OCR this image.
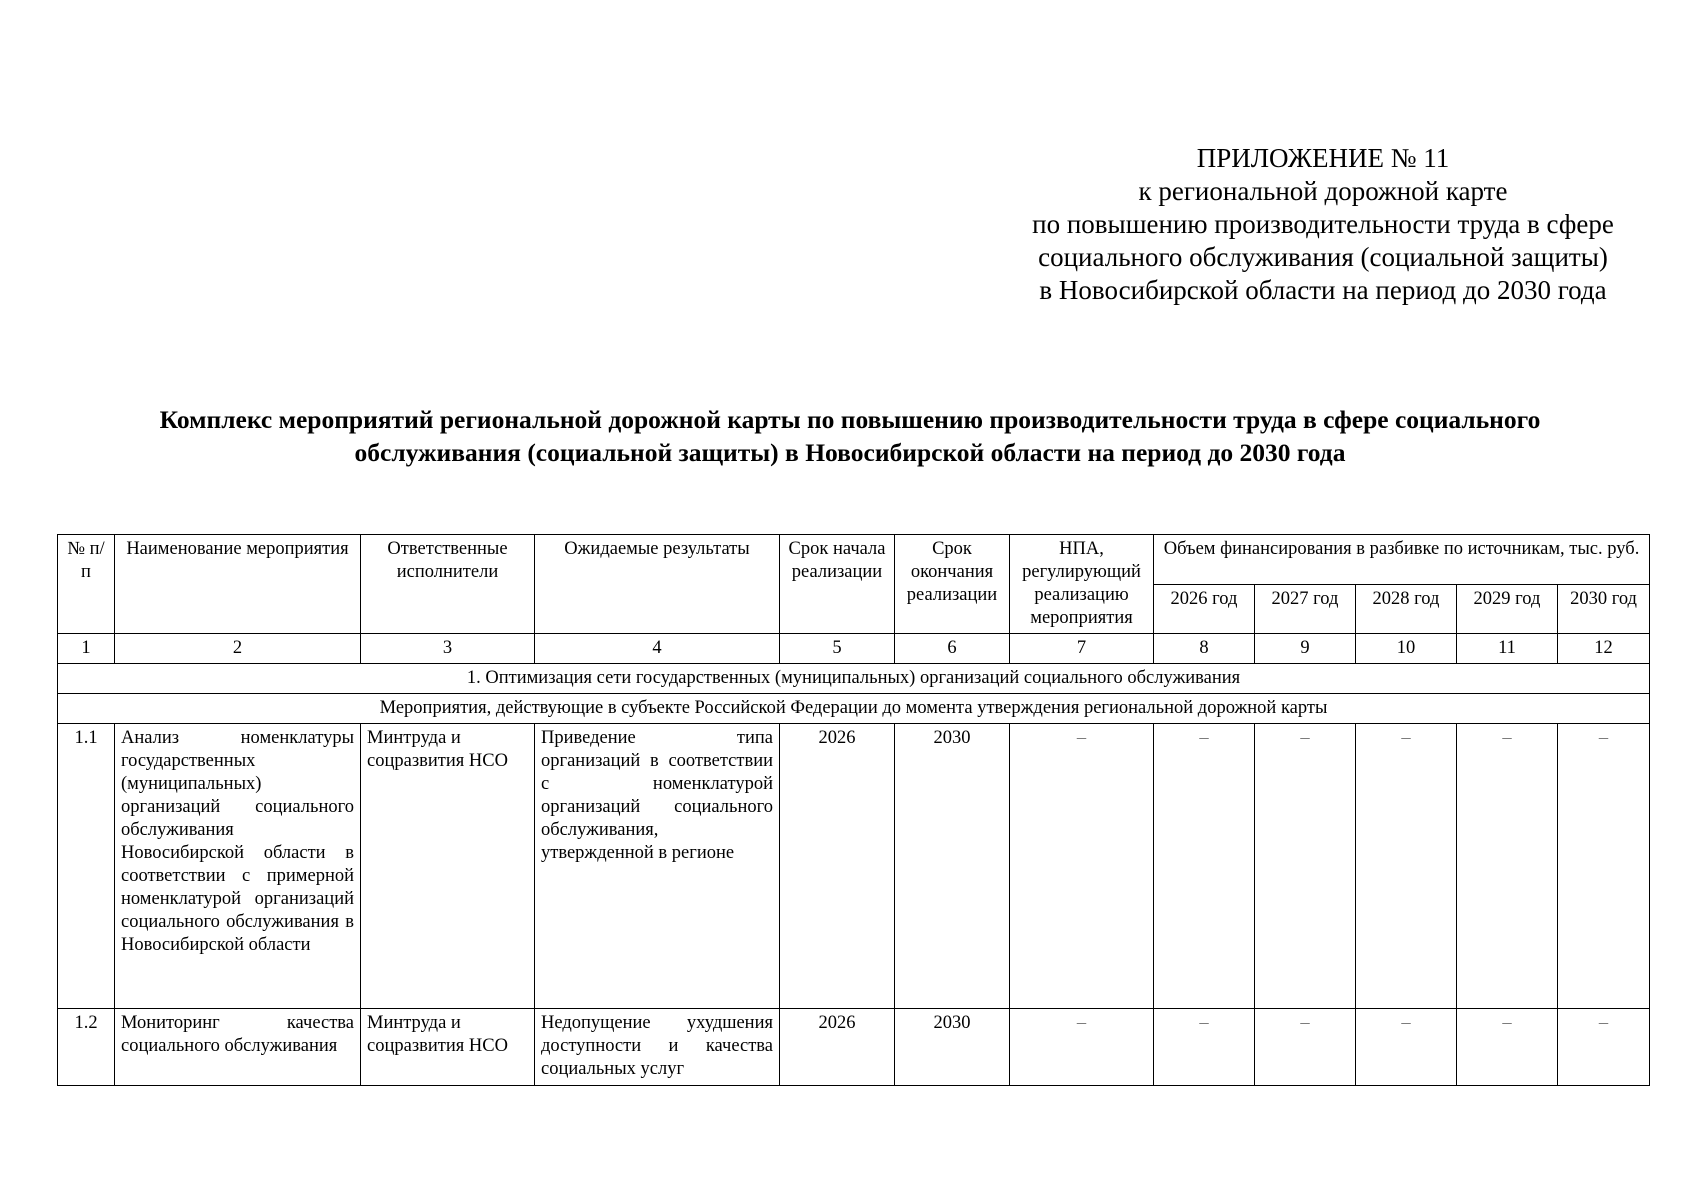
ПРИЛОЖЕНИЕ № 11
к региональной дорожной карте
по повышению производительности труда в сфере
социального обслуживания (социальной защиты)
в Новосибирской области на период до 2030 года
Комплекс мероприятий региональной дорожной карты по повышению производительности труда в сфере социального
обслуживания (социальной защиты) в Новосибирской области на период до 2030 года
№ п/п	Наименование мероприятия	Ответственные исполнители	Ожидаемые результаты	Срок начала реализации	Срок окончания реализации	НПА, регулирующий реализацию мероприятия	Объем финансирования в разбивке по источникам, тыс. руб.				
							2026 год	2027 год	2028 год	2029 год	2030 год
1	2	3	4	5	6	7	8	9	10	11	12
1. Оптимизация сети государственных (муниципальных) организаций социального обслуживания											
Мероприятия, действующие в субъекте Российской Федерации до момента утверждения региональной дорожной карты											
1.1	Анализ номенклатуры государственных (муниципальных) организаций социального обслуживания Новосибирской области в соответствии с примерной номенклатурой организаций социального обслуживания в Новосибирской области	Минтруда и соцразвития НСО	Приведение типа организаций в соответствии с номенклатурой организаций социального обслуживания, утвержденной в регионе	2026	2030	–	–	–	–	–	–
1.2	Мониторинг качества социального обслуживания	Минтруда и соцразвития НСО	Недопущение ухудшения доступности и качества социальных услуг	2026	2030	–	–	–	–	–	–
